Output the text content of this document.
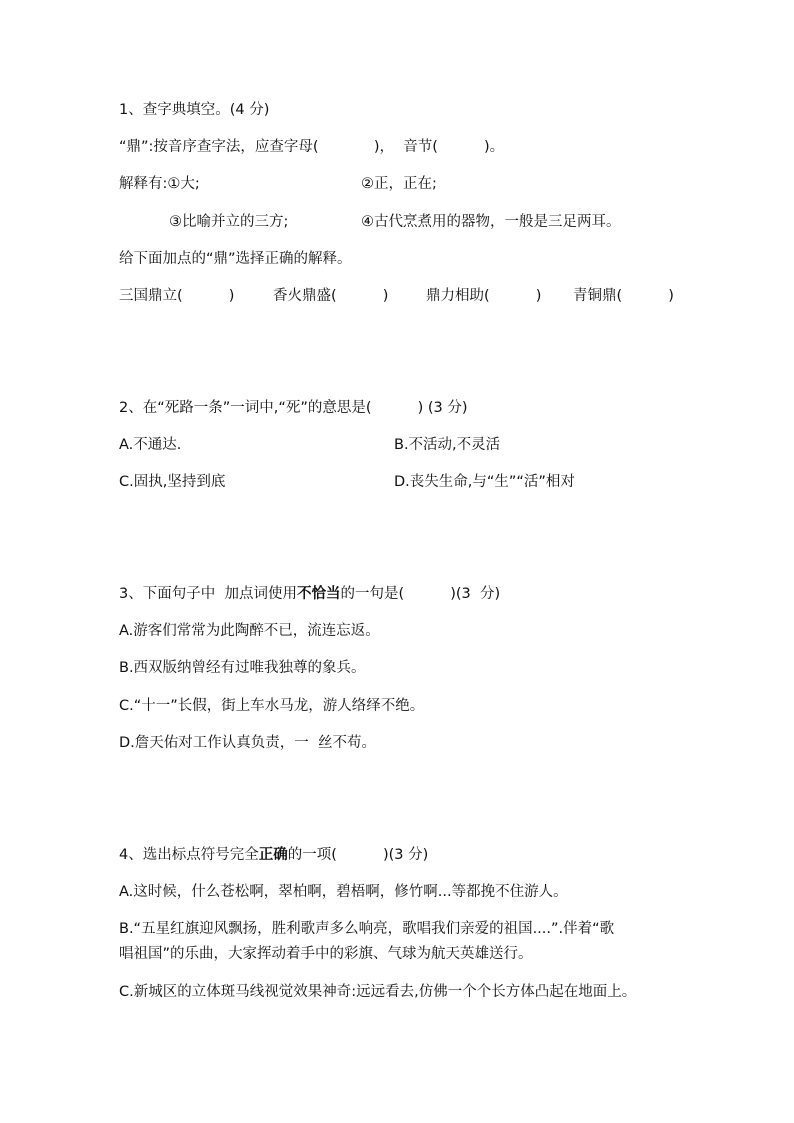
1、查字典填空。(4 分)
“鼎”:按音序查字法，应查字母(            )，  音节(          )。
解释有:①大;	②正，正在;
③比喻并立的三方;	④古代烹煮用的器物，一般是三足两耳。
给下面加点的“鼎”选择正确的解释。
三国鼎立(          )	香火鼎盛(          )	鼎力相助(          ) 青铜鼎(          )
2、在“死路一条”一词中,“死”的意思是(          ) (3 分)
A.不通达.	B.不活动,不灵活
C.固执,坚持到底	D.丧失生命,与“生”“活”相对
3、下面句子中  加点词使用不恰当的一句是(          )(3  分)
A.游客们常常为此陶醉不已，流连忘返。
B.西双版纳曾经有过唯我独尊的象兵。
C.“十一”长假，街上车水马龙，游人络绎不绝。
D.詹天佑对工作认真负责，一  丝不苟。
4、选出标点符号完全正确的一项(          )(3 分)
A.这时候，什么苍松啊，翠柏啊，碧梧啊，修竹啊...等都挽不住游人。
B.“五星红旗迎风飘扬，胜利歌声多么响亮，歌唱我们亲爱的祖国....”.伴着“歌
唱祖国”的乐曲，大家挥动着手中的彩旗、气球为航天英雄送行。
C.新城区的立体斑马线视觉效果神奇:远远看去,仿佛一个个长方体凸起在地面上。
